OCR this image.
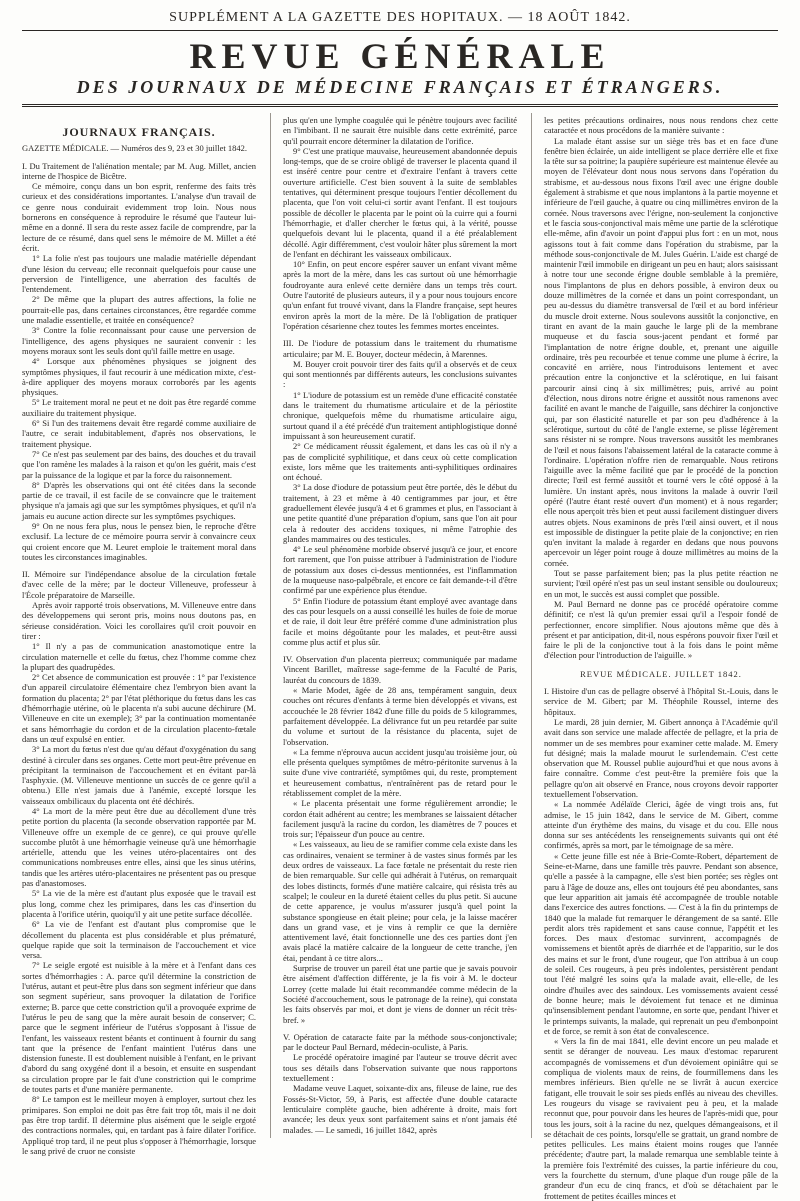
SUPPLÉMENT A LA GAZETTE DES HOPITAUX. — 18 AOÛT 1842.
REVUE GÉNÉRALE
DES JOURNAUX DE MÉDECINE FRANÇAIS ET ÉTRANGERS.
JOURNAUX FRANÇAIS.

GAZETTE MÉDICALE. — Numéros des 9, 23 et 30 juillet 1842.

I. Du Traitement de l'aliénation mentale; par M. Aug. Millet, ancien interne de l'hospice de Bicêtre.

Ce mémoire, conçu dans un bon esprit, renferme des faits très curieux et des considérations importantes. L'analyse d'un travail de ce genre nous conduirait evidemment trop loin. Nous nous bornerons en conséquence à reproduire le résumé que l'auteur lui-même en a donné. Il sera du reste assez facile de comprendre, par la lecture de ce résumé, dans quel sens le mémoire de M. Millet a été écrit.

1° La folie n'est pas toujours une maladie matérielle dépendant d'une lésion du cerveau; elle reconnait quelquefois pour cause une perversion de l'intelligence, une aberration des facultés de l'entendement.

2° De même que la plupart des autres affections, la folie ne pourrait-elle pas, dans certaines circonstances, être regardée comme une maladie essentielle, et traitée en conséquence?

3° Contre la folie reconnaissant pour cause une perversion de l'intelligence, des agens physiques ne sauraient convenir : les moyens moraux sont les seuls dont qu'il faille mettre en usage.

4° Lorsque aux phénomènes physiques se joignent des symptômes physiques, il faut recourir à une médication mixte, c'est-à-dire appliquer des moyens moraux corroborés par les agents physiques.

5° Le traitement moral ne peut et ne doit pas être regardé comme auxiliaire du traitement physique.

6° Si l'un des traitemens devait être regardé comme auxiliaire de l'autre, ce serait indubitablement, d'après nos observations, le traitement physique.

7° Ce n'est pas seulement par des bains, des douches et du travail que l'on ramène les malades à la raison et qu'on les guérit, mais c'est par la puissance de la logique et par la force du raisonnement.

8° D'après les observations qui ont été citées dans la seconde partie de ce travail, il est facile de se convaincre que le traitement physique n'a jamais agi que sur les symptômes physiques, et qu'il n'a jamais eu aucune action directe sur les symptômes psychiques.

9° On ne nous fera plus, nous le pensez bien, le reproche d'être exclusif. La lecture de ce mémoire pourra servir à convaincre ceux qui croient encore que M. Leuret emploie le traitement moral dans toutes les circonstances imaginables.

II. Mémoire sur l'indépendance absolue de la circulation fœtale d'avec celle de la mère; par le docteur Villeneuve, professeur à l'École préparatoire de Marseille.

Après avoir rapporté trois observations, M. Villeneuve entre dans des développemens qui seront pris, moins nous doutons pas, en sérieuse considération. Voici les corollaires qu'il croit pouvoir en tirer :

1° Il n'y a pas de communication anastomotique entre la circulation maternelle et celle du fœtus, chez l'homme comme chez la plupart des quadrupèdes.

2° Cet absence de communication est prouvée : 1° par l'existence d'un appareil circulatoire élémentaire chez l'embryon bien avant la formation du placenta; 2° par l'état pléthorique du fœtus dans les cas d'hémorrhagie utérine, où le placenta n'a subi aucune déchirure (M. Villeneuve en cite un exemple); 3° par la continuation momentanée et sans hémorrhagie du cordon et de la circulation placento-fœtale dans un œuf expulsé en entier.

3° La mort du fœtus n'est due qu'au défaut d'oxygénation du sang destiné à circuler dans ses organes. Cette mort peut-être prévenue en précipitant la terminaison de l'accouchement et en évitant par-là l'asphyxie. (M. Villeneuve mentionne un succès de ce genre qu'il a obtenu.) Elle n'est jamais due à l'anémie, excepté lorsque les vaisseaux ombilicaux du placenta ont été déchirés.

4° La mort de la mère peut être due au décollement d'une très petite portion du placenta (la seconde observation rapportée par M. Villeneuve offre un exemple de ce genre), ce qui prouve qu'elle succombe plutôt à une hémorrhagie veineuse qu'à une hémorrhagie artérielle, attendu que les veines utéro-placentaires ont des communications nombreuses entre elles, ainsi que les sinus utérins, tandis que les artères utéro-placentaires ne présentent pas ou presque pas d'anastomoses.

5° La vie de la mère est d'autant plus exposée que le travail est plus long, comme chez les primipares, dans les cas d'insertion du placenta à l'orifice utérin, quoiqu'il y ait une petite surface décollée.

6° La vie de l'enfant est d'autant plus compromise que le décollement du placenta est plus considérable et plus prématuré, quelque rapide que soit la terminaison de l'accouchement et vice versa.

7° Le seigle ergoté est nuisible à la mère et à l'enfant dans ces sortes d'hémorrhagies : A. parce qu'il détermine la constriction de l'utérus, autant et peut-être plus dans son segment inférieur que dans son segment supérieur, sans provoquer la dilatation de l'orifice externe; B. parce que cette constriction qu'il a provoquée exprime de l'utérus le peu de sang que la mère aurait besoin de conserver; C. parce que le segment inférieur de l'utérus s'opposant à l'issue de l'enfant, les vaisseaux restent béants et continuent à fournir du sang tant que la présence de l'enfant maintient l'utérus dans une distension funeste. Il est doublement nuisible à l'enfant, en le privant d'abord du sang oxygéné dont il a besoin, et ensuite en suspendant sa circulation propre par le fait d'une constriction qui le comprime de toutes parts et d'une manière permanente.

8° Le tampon est le meilleur moyen à employer, surtout chez les primipares. Son emploi ne doit pas être fait trop tôt, mais il ne doit pas être trop tardif. Il détermine plus aisément que le seigle ergoté des contractions normales, qui, en tardant pas à faire dilater l'orifice. Appliqué trop tard, il ne peut plus s'opposer à l'hémorrhagie, lorsque le sang privé de cruor ne consiste

plus qu'en une lymphe coagulée qui le pénètre toujours avec facilité en l'imbibant. Il ne saurait être nuisible dans cette extrémité, parce qu'il pourrait encore déterminer la dilatation de l'orifice.

9° C'est une pratique mauvaise, heureusement abandonnée depuis long-temps, que de se croire obligé de traverser le placenta quand il est inséré centre pour centre et d'extraire l'enfant à travers cette ouverture artificielle. C'est bien souvent à la suite de semblables tentatives, qui déterminent presque toujours l'entier décollement du placenta, que l'on voit celui-ci sortir avant l'enfant. Il est toujours possible de décoller le placenta par le point où la cuirre qui a fourni l'hémorrhagie, et d'aller chercher le fœtus qui, à la vérité, pousse quelquefois devant lui le placenta, quand il a été préalablement décollé. Agir différemment, c'est vouloir hâter plus sûrement la mort de l'enfant en déchirant les vaisseaux ombilicaux.

10° Enfin, on peut encore espérer sauver un enfant vivant même après la mort de la mère, dans les cas surtout où une hémorrhagie foudroyante aura enlevé cette dernière dans un temps très court. Outre l'autorité de plusieurs auteurs, il y a pour nous toujours encore qu'un enfant fut trouvé vivant, dans la Flandre française, sept heures environ après la mort de la mère. De là l'obligation de pratiquer l'opération césarienne chez toutes les femmes mortes enceintes.

III. De l'iodure de potassium dans le traitement du rhumatisme articulaire; par M. E. Bouyer, docteur médecin, à Marennes.

M. Bouyer croit pouvoir tirer des faits qu'il a observés et de ceux qui sont mentionnés par différents auteurs, les conclusions suivantes :

1° L'iodure de potassium est un remède d'une efficacité constatée dans le traitement du rhumatisme articulaire et de la périostite chronique, quelquefois même du rhumatisme articulaire aigu, surtout quand il a été précédé d'un traitement antiphlogistique donné impuissant à son heureusement curatif.

2° Ce médicament réussit également, et dans les cas où il n'y a pas de complicité syphilitique, et dans ceux où cette complication existe, lors même que les traitements anti-syphilitiques ordinaires ont échoué.

3° La dose d'iodure de potassium peut être portée, dès le début du traitement, à 23 et même à 40 centigrammes par jour, et être graduellement élevée jusqu'à 4 et 6 grammes et plus, en l'associant à une petite quantité d'une préparation d'opium, sans que l'on ait pour cela à redouter des accidens toxiques, ni même l'atrophie des glandes mammaires ou des testicules.

4° Le seul phénomène morbide observé jusqu'à ce jour, et encore fort rarement, que l'on puisse attribuer à l'administration de l'iodure de potassium aux doses ci-dessus mentionnées, est l'inflammation de la muqueuse naso-palpébrale, et encore ce fait demande-t-il d'être confirmé par une expérience plus étendue.

5° Enfin l'iodure de potassium étant employé avec avantage dans des cas pour lesquels on a aussi conseillé les huiles de foie de morue et de raie, il doit leur être préféré comme d'une administration plus facile et moins dégoûtante pour les malades, et peut-être aussi comme plus actif et plus sûr.

IV. Observation d'un placenta pierreux; communiquée par madame Vincent Barillet, maîtresse sage-femme de la Faculté de Paris, lauréat du concours de 1839.

« Marie Modet, âgée de 28 ans, tempérament sanguin, deux couches ont récures d'enfants à terme bien développés et vivans, est accouchée le 28 février 1842 d'une fille du poids de 5 kilogrammes, parfaitement développée. La délivrance fut un peu retardée par suite du volume et surtout de la résistance du placenta, sujet de l'observation.

« La femme n'éprouva aucun accident jusqu'au troisième jour, où elle présenta quelques symptômes de métro-péritonite survenus à la suite d'une vive contrariété, symptômes qui, du reste, promptement et heureusement combattus, n'entraînèrent pas de retard pour le rétablissement complet de la mère.

« Le placenta présentait une forme régulièrement arrondie; le cordon était adhérent au centre; les membranes se laissaient détacher facilement jusqu'à la racine du cordon, les diamètres de 7 pouces et trois sur; l'épaisseur d'un pouce au centre.

« Les vaisseaux, au lieu de se ramifier comme cela existe dans les cas ordinaires, venaient se terminer à de vastes sinus formés par les deux ordres de vaisseaux. La face fœtale ne présentait du reste rien de bien remarquable. Sur celle qui adhérait à l'utérus, on remarquait des lobes distincts, formés d'une matière calcaire, qui résista très au scalpel; le couleur en la dureté étaient celles du plus petit. Si aucune de cette apparence, je voulus m'assurer jusqu'à quel point la substance spongieuse en était pleine; pour cela, je la laisse macérer dans un grand vase, et je vins à remplir ce que la dernière attentivement lavé, était fonctionnelle une des ces parties dont j'en avais placé la matière calcaire de la longueur de cette tranche, j'en étai, pendant à ce titre alors...

Surprise de trouver un pareil état une partie que je savais pouvoir être aisément d'affection différente, je la fis voir à M. le docteur Lorrey (cette malade lui était recommandée comme médecin de la Société d'accouchement, sous le patronage de la reine), qui constata les faits observés par moi, et dont je viens de donner un récit très-bref. »

V. Opération de cataracte faite par la méthode sous-conjonctivale; par le docteur Paul Bernard, médecin-oculiste, à Paris.

Le procédé opératoire imaginé par l'auteur se trouve décrit avec tous ses détails dans l'observation suivante que nous rapportons textuellement :

Madame veuve Laquet, soixante-dix ans, fileuse de laine, rue des Fossés-St-Victor, 59, à Paris, est affectée d'une double cataracte lenticulaire complète gauche, bien adhérente à droite, mais fort avancée; les deux yeux sont parfaitement sains et n'ont jamais été malades. — Le samedi, 16 juillet 1842, après

les petites précautions ordinaires, nous nous rendons chez cette cataractée et nous procédons de la manière suivante :

La malade étant assise sur un siège très bas et en face d'une fenêtre bien éclairée, un aide intelligent se place derrière elle et fixe la tête sur sa poitrine; la paupière supérieure est maintenue élevée au moyen de l'élévateur dont nous nous servons dans l'opération du strabisme, et au-dessous nous fixons l'œil avec une érigne double également à strabisme et que nous implantons à la partie moyenne et inférieure de l'œil gauche, à quatre ou cinq millimètres environ de la cornée. Nous traversons avec l'érigne, non-seulement la conjonctive et le fascia sous-conjonctival mais même une partie de la sclérotique elle-même, afin d'avoir un point d'appui plus fort : en un mot, nous agissons tout à fait comme dans l'opération du strabisme, par la méthode sous-conjonctivale de M. Jules Guérin. L'aide est chargé de maintenir l'œil immobile en dirigeant un peu en haut; alors saisissant à notre tour une seconde érigne double semblable à la première, nous l'implantons de plus en dehors possible, à environ deux ou douze millimètres de la cornée et dans un point correspondant, un peu au-dessus du diamètre transversal de l'œil et au bord inférieur du muscle droit externe. Nous soulevons aussitôt la conjonctive, en tirant en avant de la main gauche le large pli de la membrane muqueuse et du fascia sous-jacent pendant et formé par l'implantation de notre érigne double, et, prenant une aiguille ordinaire, très peu recourbée et tenue comme une plume à écrire, la concavité en arrière, nous l'introduisons lentement et avec précaution entre la conjonctive et la sclérotique, en lui faisant parcourir ainsi cinq à six millimètres; puis, arrivé au point d'élection, nous dirons notre érigne et aussitôt nous ramenons avec facilité en avant le manche de l'aiguille, sans déchirer la conjonctive qui, par son élasticité naturelle et par son peu d'adhérence à la sclérotique, surtout du côté de l'angle externe, se plisse légèrement sans résister ni se rompre. Nous traversons aussitôt les membranes de l'œil et nous faisons l'abaissement latéral de la cataracte comme à l'ordinaire. L'opération n'offre rien de remarquable. Nous retirons l'aiguille avec la même facilité que par le procédé de la ponction directe; l'œil est fermé aussitôt et tourné vers le côté opposé à la lumière. Un instant après, nous invitons la malade à ouvrir l'œil opéré (l'autre étant resté ouvert d'un moment) et à nous regarder; elle nous aperçoit très bien et peut aussi facilement distinguer divers autres objets. Nous examinons de près l'œil ainsi ouvert, et il nous est impossible de distinguer la petite plaie de la conjonctive; en rien qu'en invitant la malade à regarder en dedans que nous pouvons apercevoir un léger point rouge à douze millimètres au moins de la cornée.

Tout se passe parfaitement bien; pas la plus petite réaction ne survient; l'œil opéré n'est pas un seul instant sensible ou douloureux; en un mot, le succès est aussi complet que possible.

M. Paul Bernard ne donne pas ce procédé opératoire comme définitif; ce n'est là qu'un premier essai qu'il a l'espoir fondé de perfectionner, encore simplifier. Nous ajoutons même que dès à présent et par anticipation, dit-il, nous espérons pouvoir fixer l'œil et faire le pli de la conjonctive tout à la fois dans le point même d'élection pour l'introduction de l'aiguille. »

REVUE MÉDICALE. JUILLET 1842.

I. Histoire d'un cas de pellagre observé à l'hôpital St.-Louis, dans le service de M. Gibert; par M. Théophile Roussel, interne des hôpitaux.

Le mardi, 28 juin dernier, M. Gibert annonça à l'Académie qu'il avait dans son service une malade affectée de pellagre, et la pria de nommer un de ses membres pour examiner cette malade. M. Emery fut désigné; mais la malade mourut le surlendemain. C'est cette observation que M. Roussel publie aujourd'hui et que nous avons à faire connaître. Comme c'est peut-être la première fois que la pellagre qu'on ait observé en France, nous croyons devoir rapporter textuellement l'observation.

« La nommée Adélaïde Clerici, âgée de vingt trois ans, fut admise, le 15 juin 1842, dans le service de M. Gibert, comme atteinte d'un érythème des mains, du visage et du cou. Elle nous donna sur ses antécédents les renseignements suivants qui ont été confirmés, après sa mort, par le témoignage de sa mère.

« Cette jeune fille est née à Brie-Comte-Robert, département de Seine-et-Marne, dans une famille très pauvre. Pendant son absence, qu'elle a passée à la campagne, elle s'est bien portée; ses règles ont paru à l'âge de douze ans, elles ont toujours été peu abondantes, sans que leur apparition ait jamais été accompagnée de trouble notable dans l'exercice des autres fonctions. — C'est à la fin du printemps de 1840 que la malade fut remarquer le dérangement de sa santé. Elle perdit alors très rapidement et sans cause connue, l'appétit et les forces. Des maux d'estomac survinrent, accompagnés de vomissemens et bientôt après de diarrhée et de l'appariti​o, sur le dos des mains et sur le front, d'une rougeur, que l'on attribua à un coup de soleil. Ces rougeurs, à peu près indolentes, persistèrent pendant tout l'été malgré les soins qu'a la malade avait, elle-elle, de les oindre d'huiles avec des saindoux. Les vomissements avaient cessé de bonne heure; mais le dévoiement fut tenace et ne diminua qu'insensiblement pendant l'automne, en sorte que, pendant l'hiver et le printemps suivants, la malade, qui reprenait un peu d'embonpoint et de force, se remit à son état de convalescence.

« Vers la fin de mai 1841, elle devint encore un peu malade et sentit se déranger de nouveau. Les maux d'estomac reparurent accompagnés de vomissemens et d'un dévoiement opiniâtre qui se compliqua de violents maux de reins, de fourmillemens dans les membres inférieurs. Bien qu'elle ne se livrât à aucun exercice fatigant, elle trouvait le soir ses pieds enflés au niveau des chevilles. Les rougeurs du visage se ravivaient peu à peu, et la malade reconnut que, pour pouvoir dans les heures de l'après-midi que, pour tous les jours, soit à la racine du nez, quelques démangeaisons, et il se détachait de ces points, lorsqu'elle se grattait, un grand nombre de petites pellicules. Les mains étaient moins rouges que l'année précédente; d'autre part, la malade remarqua une semblable teinte à la première fois l'extrémité des cuisses, la partie inférieure du cou, vers la fourchette du sternum, d'une plaque d'un rouge pâle de la grandeur d'un ecu de cinq francs, et d'où se détachaient par le frottement de petites écailles minces et
